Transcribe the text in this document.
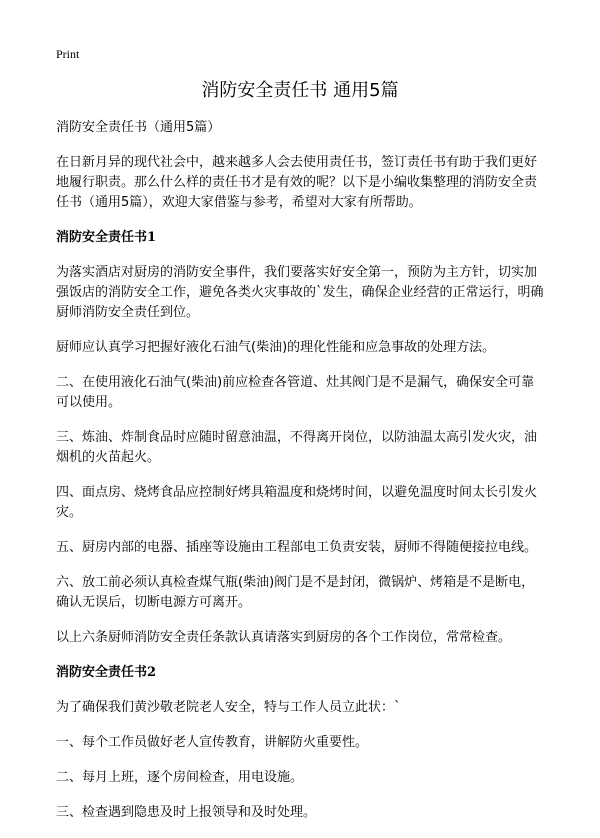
Print
消防安全责任书 通用5篇

消防安全责任书（通用5篇）

在日新月异的现代社会中，越来越多人会去使用责任书，签订责任书有助于我们更好地履行职责。那么什么样的责任书才是有效的呢？以下是小编收集整理的消防安全责任书（通用5篇），欢迎大家借鉴与参考，希望对大家有所帮助。

消防安全责任书1

为落实酒店对厨房的消防安全事件，我们要落实好安全第一，预防为主方针，切实加强饭店的消防安全工作，避免各类火灾事故的`发生，确保企业经营的正常运行，明确厨师消防安全责任到位。

厨师应认真学习把握好液化石油气(柴油)的理化性能和应急事故的处理方法。

二、在使用液化石油气(柴油)前应检查各管道、灶其阀门是不是漏气，确保安全可靠可以使用。

三、炼油、炸制食品时应随时留意油温，不得离开岗位，以防油温太高引发火灾，油烟机的火苗起火。

四、面点房、烧烤食品应控制好烤具箱温度和烧烤时间，以避免温度时间太长引发火灾。

五、厨房内部的电器、插座等设施由工程部电工负责安装，厨师不得随便接拉电线。

六、放工前必须认真检查煤气瓶(柴油)阀门是不是封闭，微锅炉、烤箱是不是断电，确认无误后，切断电源方可离开。

以上六条厨师消防安全责任条款认真请落实到厨房的各个工作岗位，常常检查。

消防安全责任书2

为了确保我们黄沙敬老院老人安全，特与工作人员立此状：`

一、每个工作员做好老人宣传教育，讲解防火重要性。

二、每月上班，逐个房间检查，用电设施。

三、检查遇到隐患及时上报领导和及时处理。
